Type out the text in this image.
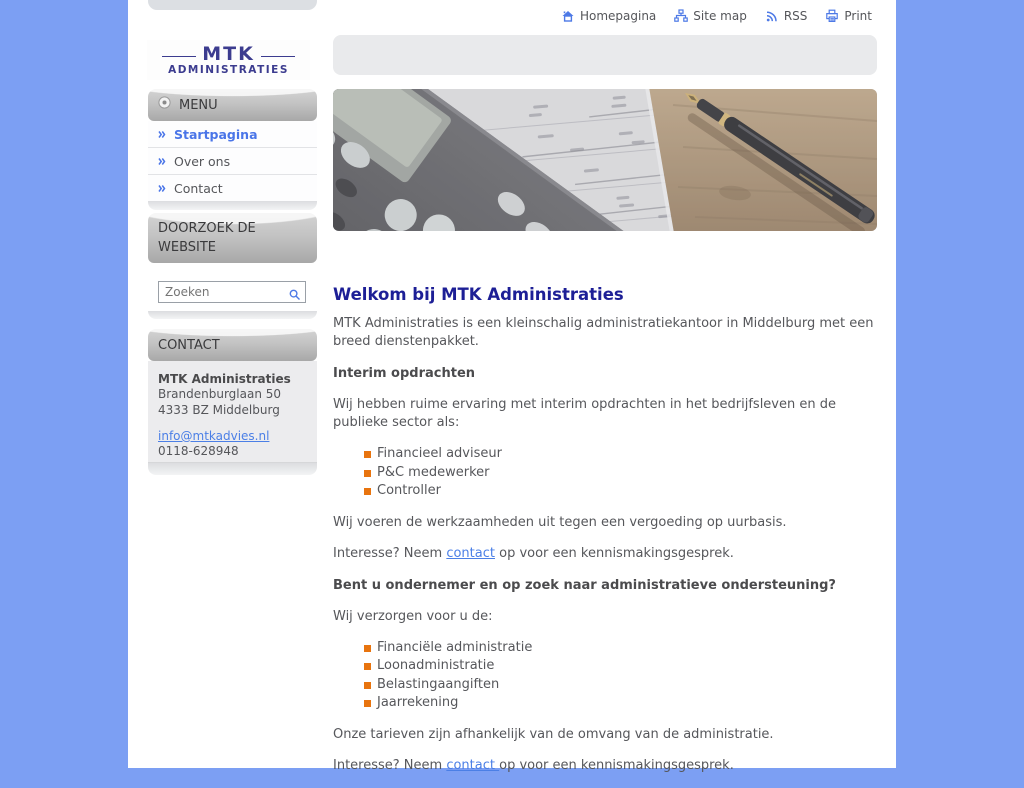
Homepagina	Site map	RSS	Print
MTK
ADMINISTRATIES
MENU
Startpagina
Over ons
Contact
DOORZOEK DE WEBSITE
Zoeken
CONTACT
MTK Administraties
Brandenburglaan 50
4333 BZ Middelburg
info@mtkadvies.nl
0118-628948
Welkom bij MTK Administraties

MTK Administraties is een kleinschalig administratiekantoor in Middelburg met een breed dienstenpakket.

Interim opdrachten

Wij hebben ruime ervaring met interim opdrachten in het bedrijfsleven en de publieke sector als:

Financieel adviseur
P&C medewerker
Controller

Wij voeren de werkzaamheden uit tegen een vergoeding op uurbasis.

Interesse? Neem contact op voor een kennismakingsgesprek.

Bent u ondernemer en op zoek naar administratieve ondersteuning?

Wij verzorgen voor u de:

Financiële administratie
Loonadministratie
Belastingaangiften
Jaarrekening

Onze tarieven zijn afhankelijk van de omvang van de administratie.

Interesse? Neem contact op voor een kennismakingsgesprek.
